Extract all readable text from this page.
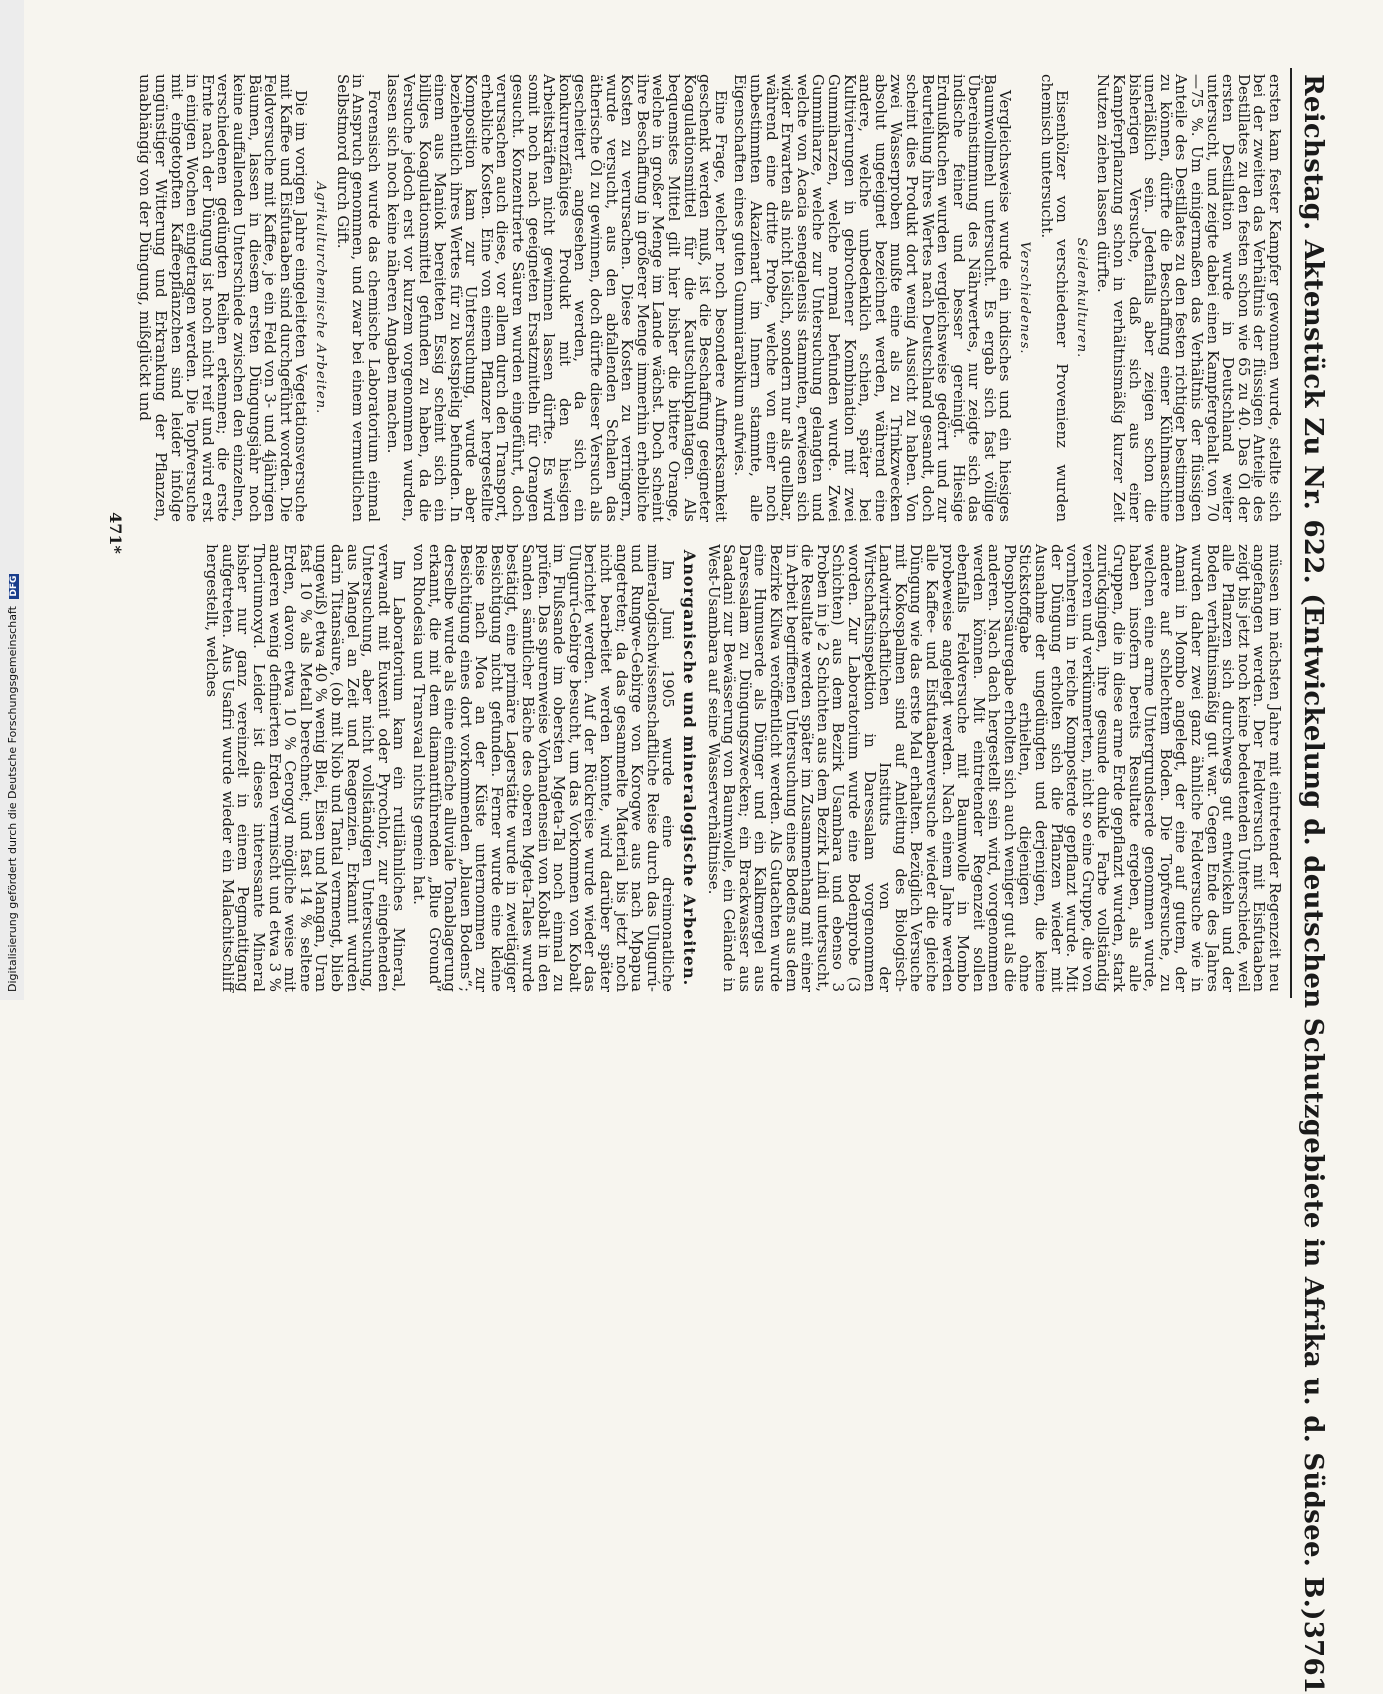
Digitalisierung gefördert durch die Deutsche Forschungsgemeinschaft DFG	Reichstag. Aktenstück Zu Nr. 622. (Entwickelung d. deutschen Schutzgebiete in Afrika u. d. Südsee. B.)
3761

ersten kam fester Kampfer gewonnen wurde, stellte sich bei der zweiten das Verhältnis der flüssigen Anteile des Destillates zu den festen schon wie 65 zu 40. Das Öl der ersten Destillation wurde in Deutschland weiter untersucht, und zeigte dabei einen Kampfergehalt von 70—75 %. Um einigermaßen das Verhältnis der flüssigen Anteile des Destillates zu den festen richtiger bestimmen zu können, dürfte die Beschaffung einer Kühlmaschine unerläßlich sein. Jedenfalls aber zeigen schon die bisherigen Versuche, daß sich aus einer Kampferpflanzung schon in verhältnismäßig kurzer Zeit Nutzen ziehen lassen dürfte.

Seidenkulturen.

Eisenhölzer von verschiedener Provenienz wurden chemisch untersucht.

Verschiedenes.

Vergleichsweise wurde ein indisches und ein hiesiges Baumwollmehl untersucht. Es ergab sich fast völlige Übereinstimmung des Nährwertes, nur zeigte sich das indische feiner und besser gereinigt. Hiesige Erdnußkuchen wurden vergleichsweise gedörrt und zur Beurteilung ihres Wertes nach Deutschland gesandt, doch scheint dies Produkt dort wenig Aussicht zu haben. Von zwei Wasserproben mußte eine als zu Trinkzwecken absolut ungeeignet bezeichnet werden, während eine andere, welche unbedenklich schien, später bei Kultivierungen in gebrochener Kombination mit zwei Gummiharzen, welche normal befunden wurde. Zwei Gummiharze, welche zur Untersuchung gelangten und welche von Acacia senegalensis stammten, erwiesen sich wider Erwarten als nicht löslich, sondern nur als quellbar, während eine dritte Probe, welche von einer noch unbestimmten Akazienart im Innern stammte, alle Eigenschaften eines guten Gummiarabikum aufwies.

Eine Frage, welcher noch besondere Aufmerksamkeit geschenkt werden muß, ist die Beschaffung geeigneter Koagulationsmittel für die Kautschukplantagen. Als bequemstes Mittel gilt hier bisher die bittere Orange, welche in großer Menge im Lande wächst. Doch scheint ihre Beschaffung in größerer Menge immerhin erhebliche Kosten zu verursachen. Diese Kosten zu verringern, wurde versucht, aus den abfallenden Schalen das ätherische Öl zu gewinnen, doch dürfte dieser Versuch als gescheitert angesehen werden, da sich ein konkurrenzfähiges Produkt mit den hiesigen Arbeitskräften nicht gewinnen lassen dürfte. Es wird somit noch nach geeigneten Ersatzmitteln für Orangen gesucht. Konzentrierte Säuren wurden eingeführt, doch verursachen auch diese, vor allem durch den Transport, erhebliche Kosten. Eine von einem Pflanzer hergestellte Komposition kam zur Untersuchung, wurde aber beziehentlich ihres Wertes für zu kostspielig befunden. In einem aus Maniok bereiteten Essig scheint sich ein billiges Koagulationsmittel gefunden zu haben, da die Versuche jedoch erst vor kurzem vorgenommen wurden, lassen sich noch keine näheren Angaben machen.

Forensisch wurde das chemische Laboratorium einmal in Anspruch genommen, und zwar bei einem vermutlichen Selbstmord durch Gift.

Agrikulturchemische Arbeiten.

Die im vorigen Jahre eingeleiteten Vegetationsversuche mit Kaffee und Eisfutaaben sind durchgeführt worden. Die Feldversuche mit Kaffee, je ein Feld von 3- und 4jährigen Bäumen, lassen in diesem ersten Düngungsjahr noch keine auffallenden Unterschiede zwischen den einzelnen, verschiedenen gedüngten Reihen erkennen; die erste Ernte nach der Düngung ist noch nicht reif und wird erst in einigen Wochen eingetragen werden. Die Topfversuche mit eingetopften Kaffeepflänzchen sind leider infolge ungünstiger Witterung und Erkrankung der Pflanzen, unabhängig von der Düngung, mißglückt und

müssen im nächsten Jahre mit eintretender Regenzeit neu angefangen werden. Der Feldversuch mit Eisfutaaben zeigt bis jetzt noch keine bedeutenden Unterschiede, weil alle Pflanzen sich durchwegs gut entwickeln und der Boden verhältnismäßig gut war. Gegen Ende des Jahres wurden daher zwei ganz ähnliche Feldversuche wie in Amani in Mombo angelegt, der eine auf gutem, der andere auf schlechtem Boden. Die Topfversuche, zu welchen eine arme Untergrundserde genommen wurde, haben insofern bereits Resultate ergeben, als alle Gruppen, die in diese arme Erde gepflanzt wurden, stark zurückgingen, ihre gesunde dunkle Farbe vollständig verloren und verkümmerten, nicht so eine Gruppe, die von vornherein in reiche Komposterde gepflanzt wurde. Mit der Düngung erholten sich die Pflanzen wieder mit Ausnahme der ungedüngten und derjenigen, die keine Stickstoffgabe erhielten, diejenigen ohne Phosphorsäuregabe erholten sich auch weniger gut als die anderen. Nach dach hergestellt sein wird, vorgenommen werden können. Mit eintretender Regenzeit sollen ebenfalls Feldversuche mit Baumwolle in Mombo probeweise angelegt werden. Nach einem Jahre werden alle Kaffee- und Eisfutaabenversuche wieder die gleiche Düngung wie das erste Mal erhalten. Bezüglich Versuche mit Kokospalmen sind auf Anleitung des Biologisch-Landwirtschaftlichen Instituts von der Wirtschaftsinspektion in Daressalam vorgenommen worden. Zur Laboratorium wurde eine Bodenprobe (3 Schichten) aus dem Bezirk Usambara und ebenso 3 Proben in je 2 Schichten aus dem Bezirk Lindi untersucht, die Resultate werden später im Zusammenhang mit einer in Arbeit begriffenen Untersuchung eines Bodens aus dem Bezirke Kilwa veröffentlicht werden. Als Gutachten wurde eine Humuserde als Dünger und ein Kalkmergel aus Daressalam zu Düngungszwecken; ein Brackwasser aus Saadani zur Bewässerung von Baumwolle, ein Gelände in West-Usambara auf seine Wasserverhältnisse.

Anorganische und mineralogische Arbeiten.

Im Juni 1905 wurde eine dreimonatliche mineralogischwissenschaftliche Reise durch das Ulugurú- und Rungwe-Gebirge von Korogwe aus nach Mpapua angetreten; da das gesammelte Material bis jetzt noch nicht bearbeitet werden konnte, wird darüber später berichtet werden. Auf der Rückreise wurde wieder das Ulugurú-Gebirge besucht, um das Vorkommen von Kobalt im Flußsande im obersten Mgeta-Tal noch einmal zu prüfen. Das spurenweise Vorhandensein von Kobalt in den Sanden sämtlicher Bäche des oberen Mgeta-Tales wurde bestätigt, eine primäre Lagerstätte wurde in zweitägiger Besichtigung nicht gefunden. Ferner wurde eine kleine Reise nach Moa an der Küste unternommen zur Besichtigung eines dort vorkommenden „blauen Bodens“; derselbe wurde als eine einfache alluviale Tonablagerung erkannt, die mit dem diamantführenden „Blue Ground“ von Rhodesia und Transvaal nichts gemein hat.

Im Laboratorium kam ein rutilähnliches Mineral, verwandt mit Euxenit oder Pyrochlor, zur eingehenden Untersuchung, aber nicht vollständigen Untersuchung, aus Mangel an Zeit und Reagenzien. Erkannt wurden darin Titansäure, (ob mit Niob und Tantal vermengt, blieb ungewiß) etwa 40 % wenig Blei, Eisen und Mangan, Uran fast 10 % als Metall berechnet; und fast 14 % seltene Erden, davon etwa 10 % Cerogyd mögliche weise mit anderen wenig definierten Erden vermischt und etwa 3 % Thoriumoxyd. Leider ist dieses interessante Mineral bisher nur ganz vereinzelt in einem Pegmatitgang aufgetreten. Aus Usafiri wurde wieder ein Malachitschliff hergestellt, welches

471*
